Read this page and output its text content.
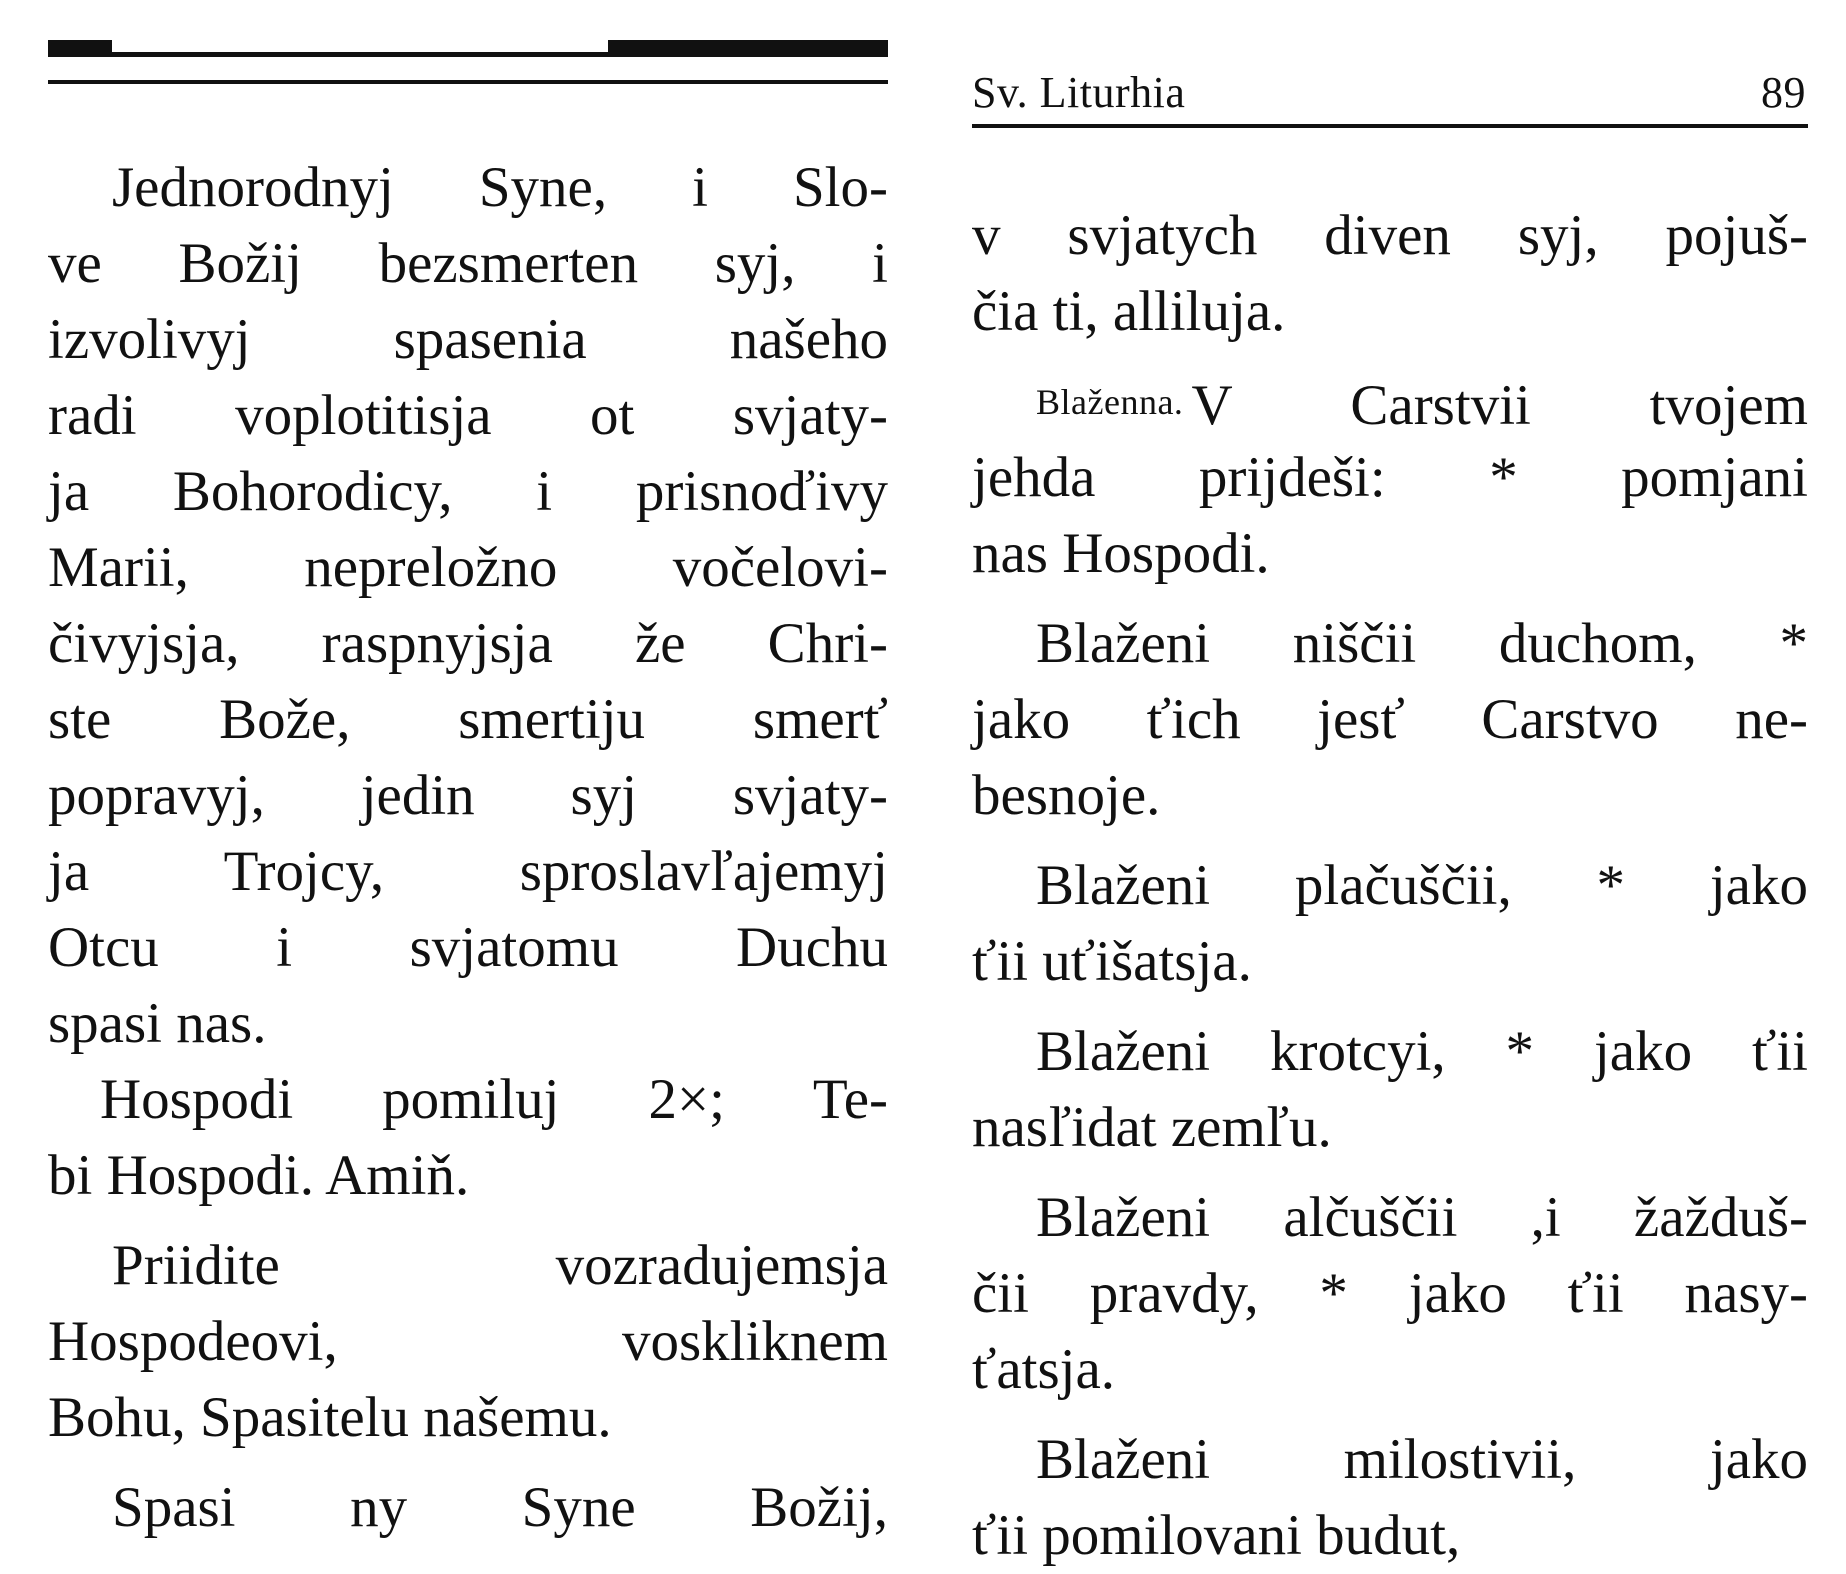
Jednorodnyj Syne, i Slo-
ve Božij bezsmerten syj, i
izvolivyj spasenia našeho
radi voplotitisja ot svjaty-
ja Bohorodicy, i prisnoďivy
Marii, nepreložno vočelovi-
čivyjsja, raspnyjsja že Chri-
ste Bože, smertiju smerť
popravyj, jedin syj svjaty-
ja Trojcy, sproslavľajemyj
Otcu i svjatomu Duchu
spasi nas.
Hospodi pomiluj 2×; Te-
bi Hospodi. Amiň.
Priidite vozradujemsja
Hospodeovi, voskliknem
Bohu, Spasitelu našemu.
Spasi ny Syne Božij,
Sv. Liturhia	89
v svjatych diven syj, pojuš-
čia ti, alliluja.
Blaženna. V Carstvii tvojem
jehda prijdeši: * pomjani
nas Hospodi.
Blaženi niščii duchom, *
jako ťich jesť Carstvo ne-
besnoje.
Blaženi plačuščii, * jako
ťii uťišatsja.
Blaženi krotcyi, * jako ťii
nasľidat zemľu.
Blaženi alčuščii ,i žažduš-
čii pravdy, * jako ťii nasy-
ťatsja.
Blaženi milostivii, jako
ťii pomilovani budut,
